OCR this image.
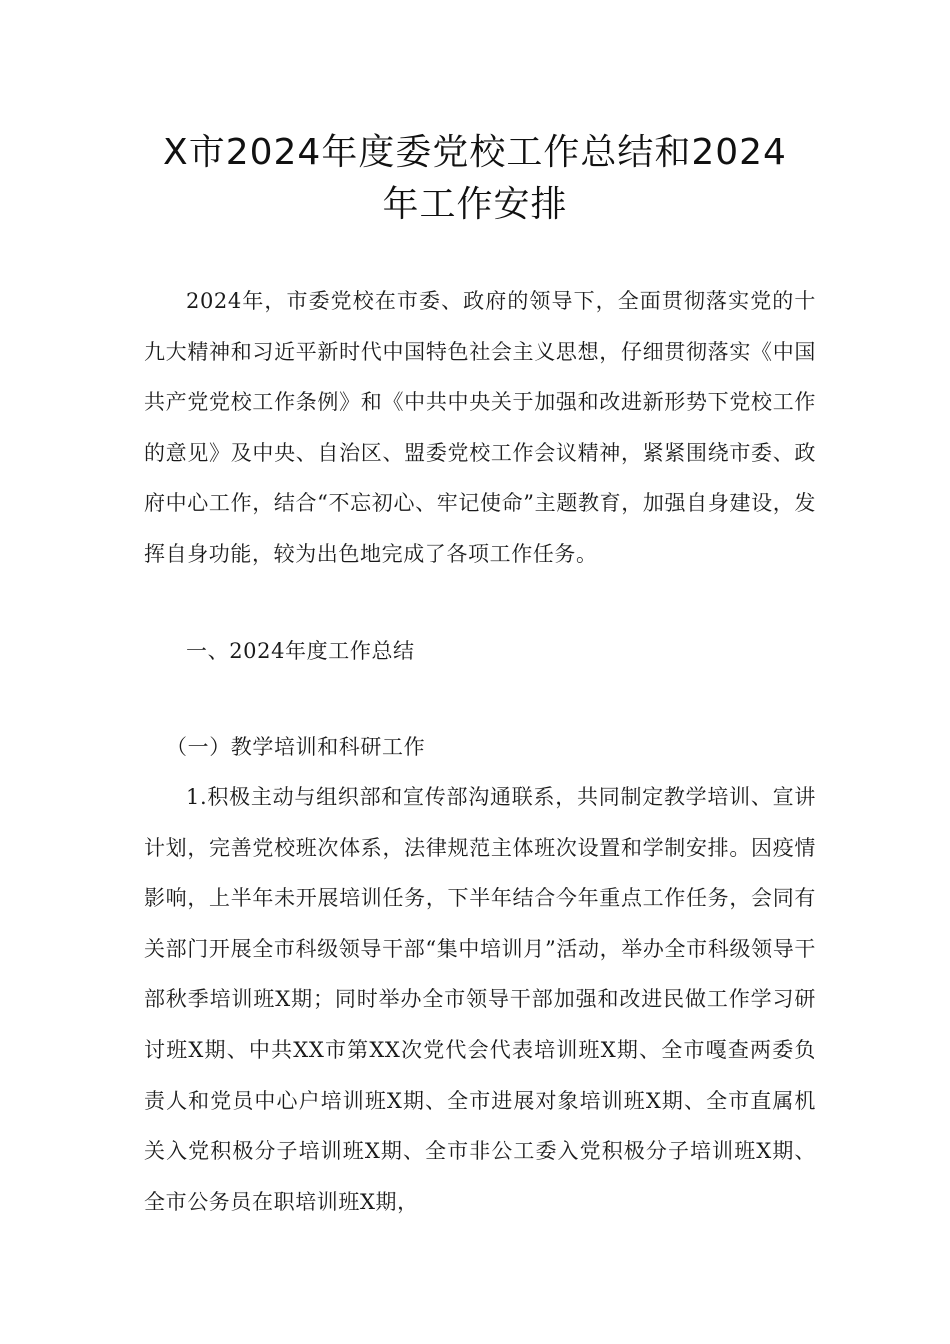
X市2024年度委党校工作总结和2024
年工作安排
2024年，市委党校在市委、政府的领导下，全面贯彻落实党的十九大精神和习近平新时代中国特色社会主义思想，仔细贯彻落实《中国共产党党校工作条例》和《中共中央关于加强和改进新形势下党校工作的意见》及中央、自治区、盟委党校工作会议精神，紧紧围绕市委、政府中心工作，结合“不忘初心、牢记使命”主题教育，加强自身建设，发挥自身功能，较为出色地完成了各项工作任务。
一、2024年度工作总结
（一）教学培训和科研工作
1.积极主动与组织部和宣传部沟通联系，共同制定教学培训、宣讲计划，完善党校班次体系，法律规范主体班次设置和学制安排。因疫情影响，上半年未开展培训任务，下半年结合今年重点工作任务，会同有关部门开展全市科级领导干部“集中培训月”活动，举办全市科级领导干部秋季培训班X期；同时举办全市领导干部加强和改进民做工作学习研讨班X期、中共XX市第XX次党代会代表培训班X期、全市嘎查两委负责人和党员中心户培训班X期、全市进展对象培训班X期、全市直属机关入党积极分子培训班X期、全市非公工委入党积极分子培训班X期、全市公务员在职培训班X期，
